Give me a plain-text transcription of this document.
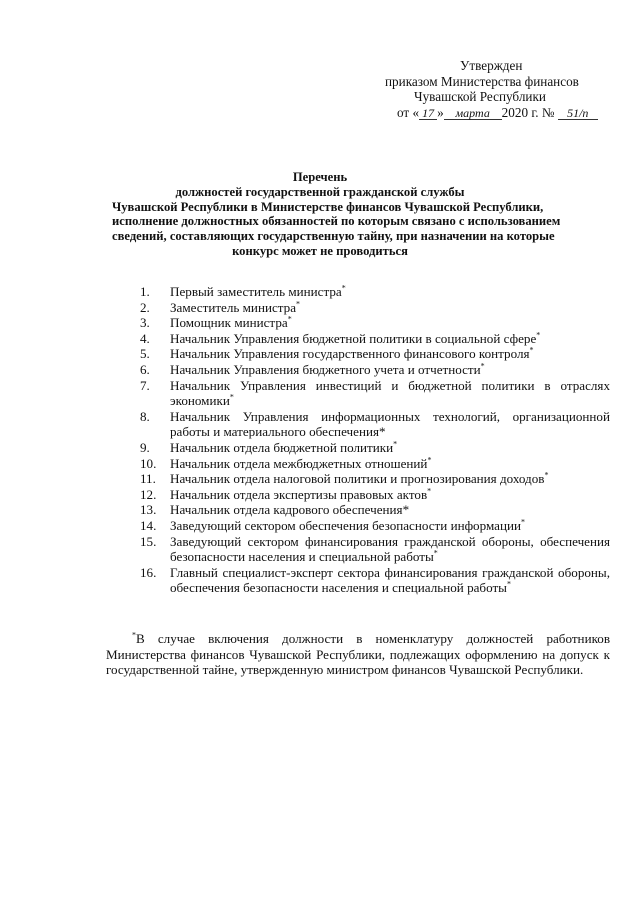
Утвержден
приказом Министерства финансов
Чувашской Республики
от « 17 » марта 2020 г. № 51/п
Перечень
должностей государственной гражданской службы
Чувашской Республики в Министерстве финансов Чувашской Республики,
исполнение должностных обязанностей по которым связано с использованием
сведений, составляющих государственную тайну, при назначении на которые
конкурс может не проводиться
1.	Первый заместитель министра*
2.	Заместитель министра*
3.	Помощник министра*
4.	Начальник Управления бюджетной политики в социальной сфере*
5.	Начальник Управления государственного финансового контроля*
6.	Начальник Управления бюджетного учета и отчетности*
7.	Начальник Управления инвестиций и бюджетной политики в отраслях экономики*
8.	Начальник Управления информационных технологий, организационной работы и материального обеспечения*
9.	Начальник отдела бюджетной политики*
10.	Начальник отдела межбюджетных отношений*
11.	Начальник отдела налоговой политики и прогнозирования доходов*
12.	Начальник отдела экспертизы правовых актов*
13.	Начальник отдела кадрового обеспечения*
14.	Заведующий сектором обеспечения безопасности информации*
15.	Заведующий сектором финансирования гражданской обороны, обеспечения безопасности населения и специальной работы*
16.	Главный специалист-эксперт сектора финансирования гражданской обороны, обеспечения безопасности населения и специальной работы*
*В случае включения должности в номенклатуру должностей работников Министерства финансов Чувашской Республики, подлежащих оформлению на допуск к государственной тайне, утвержденную министром финансов Чувашской Республики.
